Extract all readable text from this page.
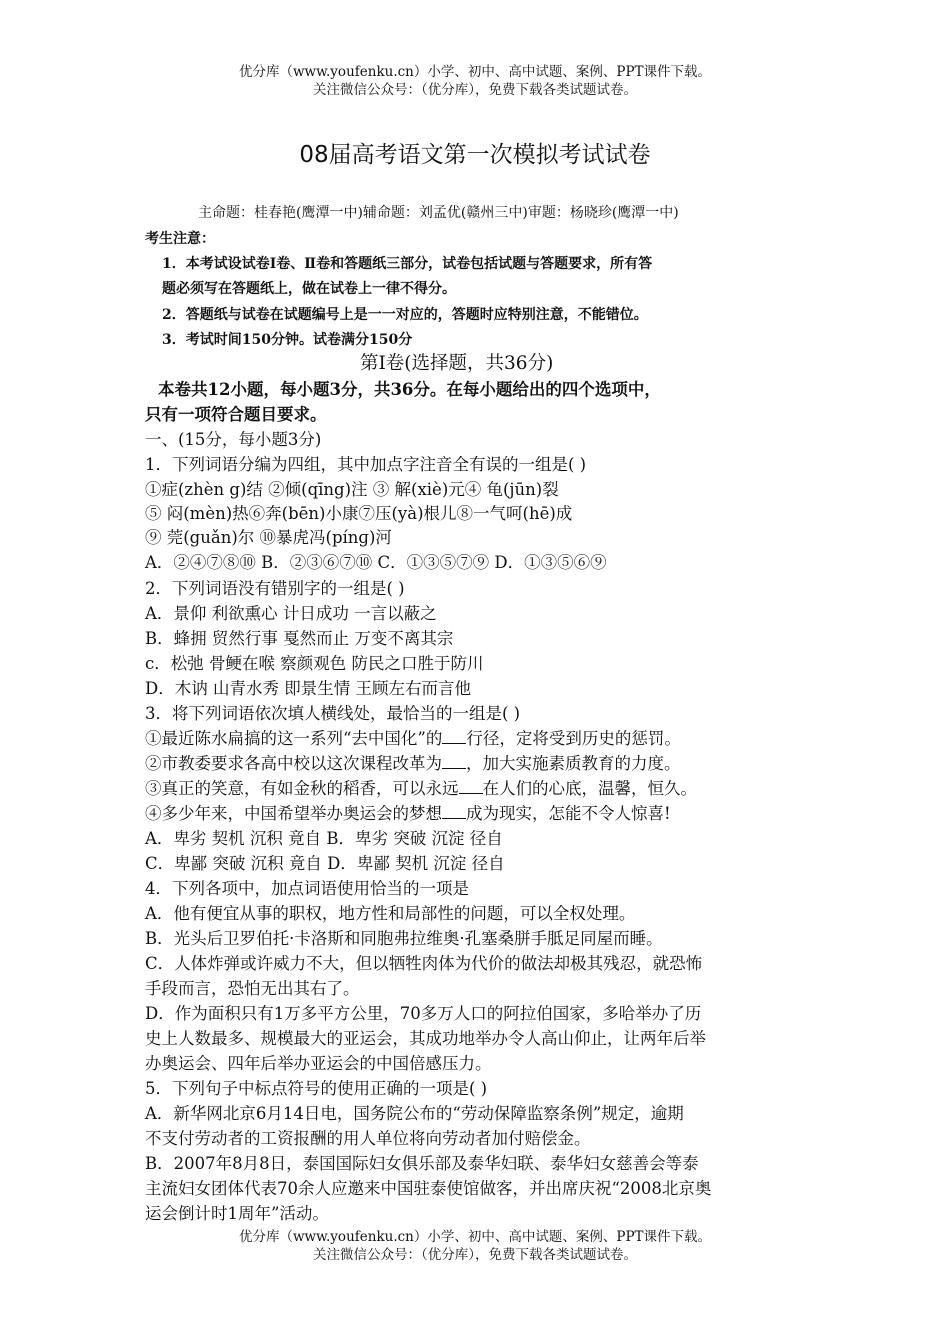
优分库（www.youfenku.cn）小学、初中、高中试题、案例、PPT课件下载。
关注微信公众号：（优分库），免费下载各类试题试卷。
08届高考语文第一次模拟考试试卷
主命题：桂春艳(鹰潭一中)辅命题：刘孟优(赣州三中)审题：杨晓珍(鹰潭一中)
考生注意：
1．本考试设试卷Ⅰ卷、Ⅱ卷和答题纸三部分，试卷包括试题与答题要求，所有答
题必须写在答题纸上，做在试卷上一律不得分。
2．答题纸与试卷在试题编号上是一一对应的，答题时应特别注意，不能错位。
3．考试时间150分钟。试卷满分150分
第Ⅰ卷(选择题，共36分)
本卷共12小题，每小题3分，共36分。在每小题给出的四个选项中，
只有一项符合题目要求。
一、(15分，每小题3分)
1．下列词语分编为四组，其中加点字注音全有误的一组是( )
①症(zhèn g)结 ②倾(qīng)注 ③ 解(xiè)元④ 龟(jūn)裂
⑤ 闷(mèn)热⑥奔(bēn)小康⑦压(yà)根儿⑧一气呵(hē)成
⑨ 莞(guǎn)尔 ⑩暴虎冯(pínɡ)河
A．②④⑦⑧⑩ B．②③⑥⑦⑩ C．①③⑤⑦⑨ D．①③⑤⑥⑨
2．下列词语没有错别字的一组是( )
A．景仰 利欲熏心 计日成功 一言以蔽之
B．蜂拥 贸然行事 戛然而止 万变不离其宗
c．松弛 骨鲠在喉 察颜观色 防民之口胜于防川
D．木讷 山青水秀 即景生情 王顾左右而言他
3．将下列词语依次填人横线处，最恰当的一组是( )
①最近陈水扁搞的这一系列“去中国化”的 行径，定将受到历史的惩罚。
②市教委要求各高中校以这次课程改革为 ，加大实施素质教育的力度。
③真正的笑意，有如金秋的稻香，可以永远 在人们的心底，温馨，恒久。
④多少年来，中国希望举办奥运会的梦想 成为现实，怎能不令人惊喜!
A．卑劣 契机 沉积 竟自 B．卑劣 突破 沉淀 径自
C．卑鄙 突破 沉积 竟自 D．卑鄙 契机 沉淀 径自
4．下列各项中，加点词语使用恰当的一项是
A．他有便宜从事的职权，地方性和局部性的问题，可以全权处理。
B．光头后卫罗伯托·卡洛斯和同胞弗拉维奥·孔塞桑胼手胝足同屋而睡。
C．人体炸弹或许威力不大，但以牺牲肉体为代价的做法却极其残忍，就恐怖
手段而言，恐怕无出其右了。
D．作为面积只有1万多平方公里，70多万人口的阿拉伯国家，多哈举办了历
史上人数最多、规模最大的亚运会，其成功地举办令人高山仰止，让两年后举
办奥运会、四年后举办亚运会的中国倍感压力。
5．下列句子中标点符号的使用正确的一项是( )
A．新华网北京6月14日电，国务院公布的“劳动保障监察条例”规定，逾期
不支付劳动者的工资报酬的用人单位将向劳动者加付赔偿金。
B．2007年8月8日，泰国国际妇女俱乐部及泰华妇联、泰华妇女慈善会等泰
主流妇女团体代表70余人应邀来中国驻泰使馆做客，并出席庆祝“2008北京奥
运会倒计时1周年”活动。
优分库（www.youfenku.cn）小学、初中、高中试题、案例、PPT课件下载。
关注微信公众号：（优分库），免费下载各类试题试卷。
